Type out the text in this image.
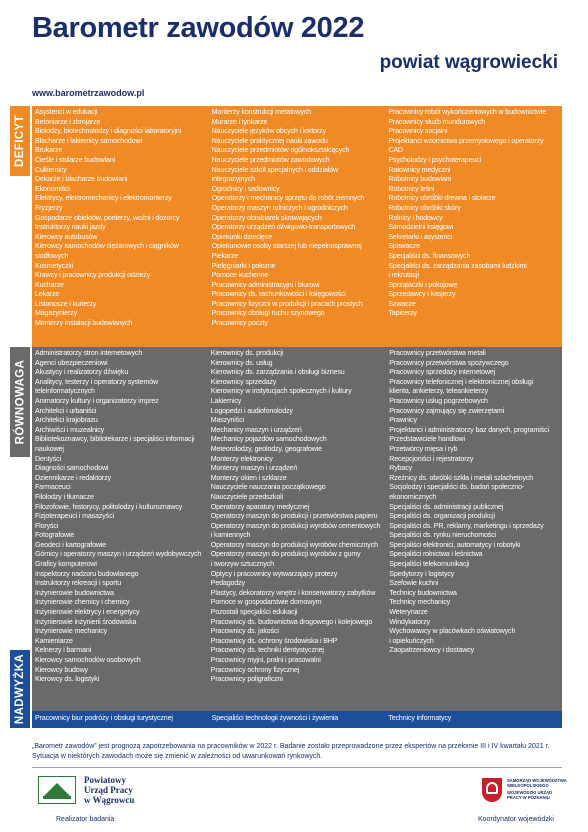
Barometr zawodów 2022
powiat wągrowiecki
www.barometrzawodow.pl
DEFICYT
Asystenci w edukacji
Betoniarze i zbrojarze
Biolodzy, biotechnolodzy i diagności laboratoryjni
Blacharze i lakiernicy samochodowi
Brukarze
Cieśle i stolarze budowlani
Cukiernicy
Dekarze i blacharze budowlani
Ekonomiści
Elektrycy, elektromechanicy i elektromonterzy
Fryzjerzy
Gospodarze obiektów, portierzy, woźni i dozorcy
Instruktorzy nauki jazdy
Kierowcy autobusów
Kierowcy samochodów ciężarowych i ciągników
siodłowych
Kosmetyczki
Krawcy i pracownicy produkcji odzieży
Kucharze
Lekarze
Listonosze i kurierzy
Magazynierzy
Monterzy instalacji budowlanych
Monterzy konstrukcji metalowych
Murarze i tynkarze
Nauczyciele języków obcych i lektorzy
Nauczyciele praktycznej nauki zawodu
Nauczyciele przedmiotów ogólnokształcących
Nauczyciele przedmiotów zawodowych
Nauczyciele szkół specjalnych i oddziałów
integracyjnych
Ogrodnicy i sadownicy
Operatorzy i mechanicy sprzętu do robót ziemnych
Operatorzy maszyn rolniczych i ogrodniczych
Operatorzy obrabiarek skrawających
Operatorzy urządzeń dźwigowo-transportowych
Opiekunki dziecięce
Opiekunowie osoby starszej lub niepełnosprawnej
Piekarze
Pielęgniarki i położne
Pomoce kuchenne
Pracownicy administracyjni i biurowi
Pracownicy ds. rachunkowości i księgowości
Pracownicy fizyczni w produkcji i pracach prostych
Pracownicy obsługi ruchu szynowego
Pracownicy poczty
Pracownicy robót wykończeniowych w budownictwie
Pracownicy służb mundurowych
Pracownicy socjalni
Projektanci wzornictwa przemysłowego i operatorzy
CAD
Psycholodzy i psychoterapeuci
Ratownicy medyczni
Robotnicy budowlani
Robotnicy leśni
Robotnicy obróbki drewna i stolarze
Robotnicy obróbki skóry
Rolnicy i hodowcy
Samodzielni księgowi
Sekretarki i asystenci
Spawacze
Specjaliści ds. finansowych
Specjaliści ds. zarządzania zasobami ludzkimi
i rekrutacji
Sprzątaczki i pokojowe
Sprzedawcy i kasjerzy
Szwacze
Tapicerzy
RÓWNOWAGA
Administratorzy stron internetowych
Agenci ubezpieczeniowi
Akustycy i realizatorzy dźwięku
Analitycy, testerzy i operatorzy systemów
teleinformatycznych
Animatorzy kultury i organizatorzy imprez
Architekci i urbaniści
Architekci krajobrazu
Archiwiści i muzealnicy
Bibliotekoznawcy, bibliotekarze i specjaliści informacji
naukowej
Dentyści
Diagności samochodowi
Dziennikarze i redaktorzy
Farmaceuci
Filolodzy i tłumacze
Filozofowie, historycy, politolodzy i kulturoznawcy
Fizjoterapeuci i masażyści
Floryści
Fotografowie
Geodeci i kartografowie
Górnicy i operatorzy maszyn i urządzeń wydobywczych
Graficy komputerowi
Inspektorzy nadzoru budowlanego
Instruktorzy rekreacji i sportu
Inżynierowie budownictwa
Inżynierowie chemicy i chemicy
Inżynierowie elektrycy i energetycy
Inżynierowie inżynierii środowiska
Inżynierowie mechanicy
Kamieniarze
Kelnerzy i barmani
Kierowcy samochodów osobowych
Kierowcy budowy
Kierowcy ds. logistyki
Kierownicy ds. produkcji
Kierownicy ds. usług
Kierownicy ds. zarządzania i obsługi biznesu
Kierownicy sprzedaży
Kierownicy w instytucjach społecznych i kultury
Lakiernicy
Logopedzi i audiofonolodzy
Maszyniści
Mechanicy maszyn i urządzeń
Mechanicy pojazdów samochodowych
Meteorolodzy, geolodzy, geografowie
Monterzy elektronicy
Monterzy maszyn i urządzeń
Monterzy okien i szklarze
Nauczyciele nauczania początkowego
Nauczyciele przedszkoli
Operatorzy aparatury medycznej
Operatorzy maszyn do produkcji i przetwórstwa papieru
Operatorzy maszyn do produkcji wyrobów cementowych
i kamiennych
Operatorzy maszyn do produkcji wyrobów chemicznych
Operatorzy maszyn do produkcji wyrobów z gumy
i tworzyw sztucznych
Optycy i pracownicy wytwarzający protezy
Pedagodzy
Plastycy, dekoratorzy wnętrz i konserwatorzy zabytków
Pomoce w gospodarstwie domowym
Pozostali specjaliści edukacji
Pracownicy ds. budownictwa drogowego i kolejowego
Pracownicy ds. jakości
Pracownicy ds. ochrony środowiska i BHP
Pracownicy ds. techniki dentystycznej
Pracownicy myjni, pralni i prasowalni
Pracownicy ochrony fizycznej
Pracownicy poligraficzni
Pracownicy przetwórstwa metali
Pracownicy przetwórstwa spożywczego
Pracownicy sprzedaży internetowej
Pracownicy telefonicznej i elektronicznej obsługi
klienta, ankieterzy, teleankieterzy
Pracownicy usług pogrzebowych
Pracownicy zajmujący się zwierzętami
Prawnicy
Projektanci i administratorzy baz danych, programiści
Przedstawiciele handlowi
Przetwórcy mięsa i ryb
Recepcjoniści i rejestratorzy
Rybacy
Rzeźnicy ds. obróbki szkła i metali szlachetnych
Socjolodzy i specjaliści ds. badań społeczno-
ekonomicznych
Specjaliści ds. administracji publicznej
Specjaliści ds. organizacji produkcji
Specjaliści ds. PR, reklamy, marketingu i sprzedaży
Specjaliści ds. rynku nieruchomości
Specjaliści elektronici, automatycy i robotyki
Specjaliści rolnictwa i leśnictwa
Specjaliści telekomunikacji
Spedytorzy i logistycy
Szefowie kuchni
Technicy budownictwa
Technicy mechanicy
Weterynarze
Windykatorzy
Wychowawcy w placówkach oświatowych
i opiekuńczych
Zaopatrzeniowcy i dostawcy
NADWYŻKA Pracownicy biur podróży i obsługi turystycznej	Specjaliści technologii żywności i żywienia	Technicy informatycy
„Barometr zawodów” jest prognozą zapotrzebowania na pracowników w 2022 r. Badanie zostało przeprowadzone przez ekspertów na przełomie III i IV kwartału 2021 r.
Sytuacja w niektórych zawodach może się zmienić w zależności od uwarunkowań rynkowych.
Powiatowy
Urząd Pracy
w Wągrowcu
Realizator badania
SAMORZĄD WOJEWÓDZTWA WIELKOPOLSKIEGO
WOJEWÓDZKI URZĄD PRACY W POZNANIU
Koordynator wojewódzki
